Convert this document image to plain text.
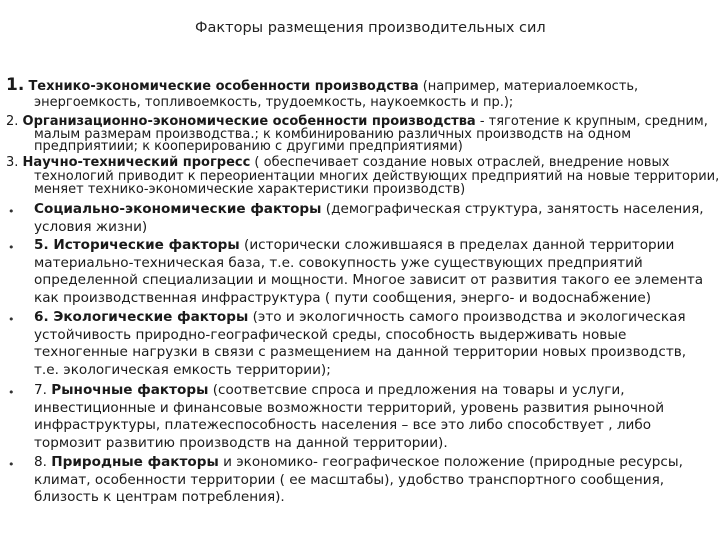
Факторы размещения производительных сил
1. Технико-экономические особенности производства (например, материалоемкость,
энергоемкость, топливоемкость, трудоемкость, наукоемкость и пр.);
2. Организационно-экономические особенности производства - тяготение к крупным, средним,
малым размерам производства.; к комбинированию различных производств на одном
предприятиии; к кооперированию с другими предприятиями)
3. Научно-технический прогресс ( обеспечивает создание новых отраслей, внедрение новых
технологий приводит к переориентации многих действующих предприятий на новые территории,
меняет технико-экономические характеристики производств)
• Социально-экономические факторы (демографическая структура, занятость населения, условия жизни)
• 5. Исторические факторы (исторически сложившаяся в пределах данной территории материально-техническая база, т.е. совокупность уже существующих предприятий определенной специализации и мощности. Многое зависит от развития такого ее элемента как производственная инфраструктура ( пути сообщения, энерго- и водоснабжение)
• 6. Экологические факторы (это и экологичность самого производства и экологическая устойчивость природно-географической среды, способность выдерживать новые техногенные нагрузки в связи с размещением на данной территории новых производств, т.е. экологическая емкость территории);
• 7. Рыночные факторы (соответсвие спроса и предложения на товары и услуги, инвестиционные и финансовые возможности территорий, уровень развития рыночной инфраструктуры, платежеспособность населения – все это либо способствует , либо тормозит развитию производств на данной территории).
• 8. Природные факторы и экономико- географическое положение (природные ресурсы, климат, особенности территории ( ее масштабы), удобство транспортного сообщения, близость к центрам потребления).
